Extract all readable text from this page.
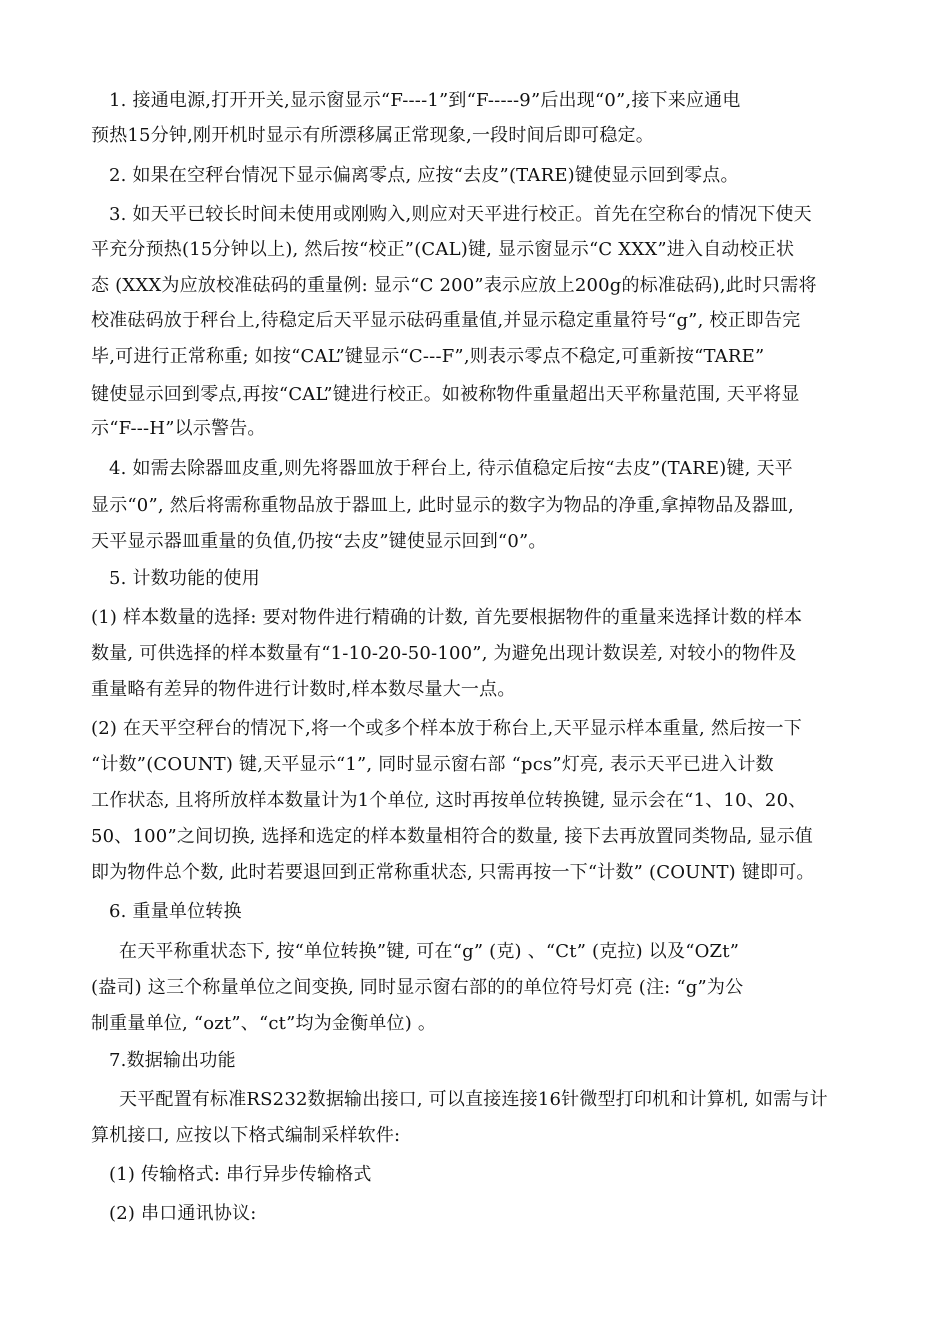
1. 接通电源,打开开关,显示窗显示“F----1”到“F-----9”后出现“0”,接下来应通电
预热15分钟,刚开机时显示有所漂移属正常现象,一段时间后即可稳定。
2. 如果在空秤台情况下显示偏离零点, 应按“去皮”(TARE)键使显示回到零点。
3. 如天平已较长时间未使用或刚购入,则应对天平进行校正。首先在空称台的情况下使天
平充分预热(15分钟以上), 然后按“校正”(CAL)键, 显示窗显示“C XXX”进入自动校正状
态 (XXX为应放校准砝码的重量例: 显示“C 200”表示应放上200g的标准砝码),此时只需将
校准砝码放于秤台上,待稳定后天平显示砝码重量值,并显示稳定重量符号“g”, 校正即告完
毕,可进行正常称重; 如按“CAL”键显示“C---F”,则表示零点不稳定,可重新按“TARE”
键使显示回到零点,再按“CAL”键进行校正。如被称物件重量超出天平称量范围, 天平将显
示“F---H”以示警告。
4. 如需去除器皿皮重,则先将器皿放于秤台上, 待示值稳定后按“去皮”(TARE)键, 天平
显示“0”, 然后将需称重物品放于器皿上, 此时显示的数字为物品的净重,拿掉物品及器皿,
天平显示器皿重量的负值,仍按“去皮”键使显示回到“0”。
5. 计数功能的使用
(1) 样本数量的选择: 要对物件进行精确的计数, 首先要根据物件的重量来选择计数的样本
数量, 可供选择的样本数量有“1-10-20-50-100”, 为避免出现计数误差, 对较小的物件及
重量略有差异的物件进行计数时,样本数尽量大一点。
(2) 在天平空秤台的情况下,将一个或多个样本放于称台上,天平显示样本重量, 然后按一下
“计数”(COUNT) 键,天平显示“1”, 同时显示窗右部 “pcs”灯亮, 表示天平已进入计数
工作状态, 且将所放样本数量计为1个单位, 这时再按单位转换键, 显示会在“1、10、20、
50、100”之间切换, 选择和选定的样本数量相符合的数量, 接下去再放置同类物品, 显示值
即为物件总个数, 此时若要退回到正常称重状态, 只需再按一下“计数” (COUNT) 键即可。
6. 重量单位转换
在天平称重状态下, 按“单位转换”键, 可在“g” (克) 、“Ct” (克拉) 以及“OZt”
(盎司) 这三个称量单位之间变换, 同时显示窗右部的的单位符号灯亮 (注: “g”为公
制重量单位, “ozt”、“ct”均为金衡单位) 。
7.数据输出功能
天平配置有标准RS232数据输出接口, 可以直接连接16针微型打印机和计算机, 如需与计
算机接口, 应按以下格式编制采样软件:
(1) 传输格式: 串行异步传输格式
(2) 串口通讯协议:
